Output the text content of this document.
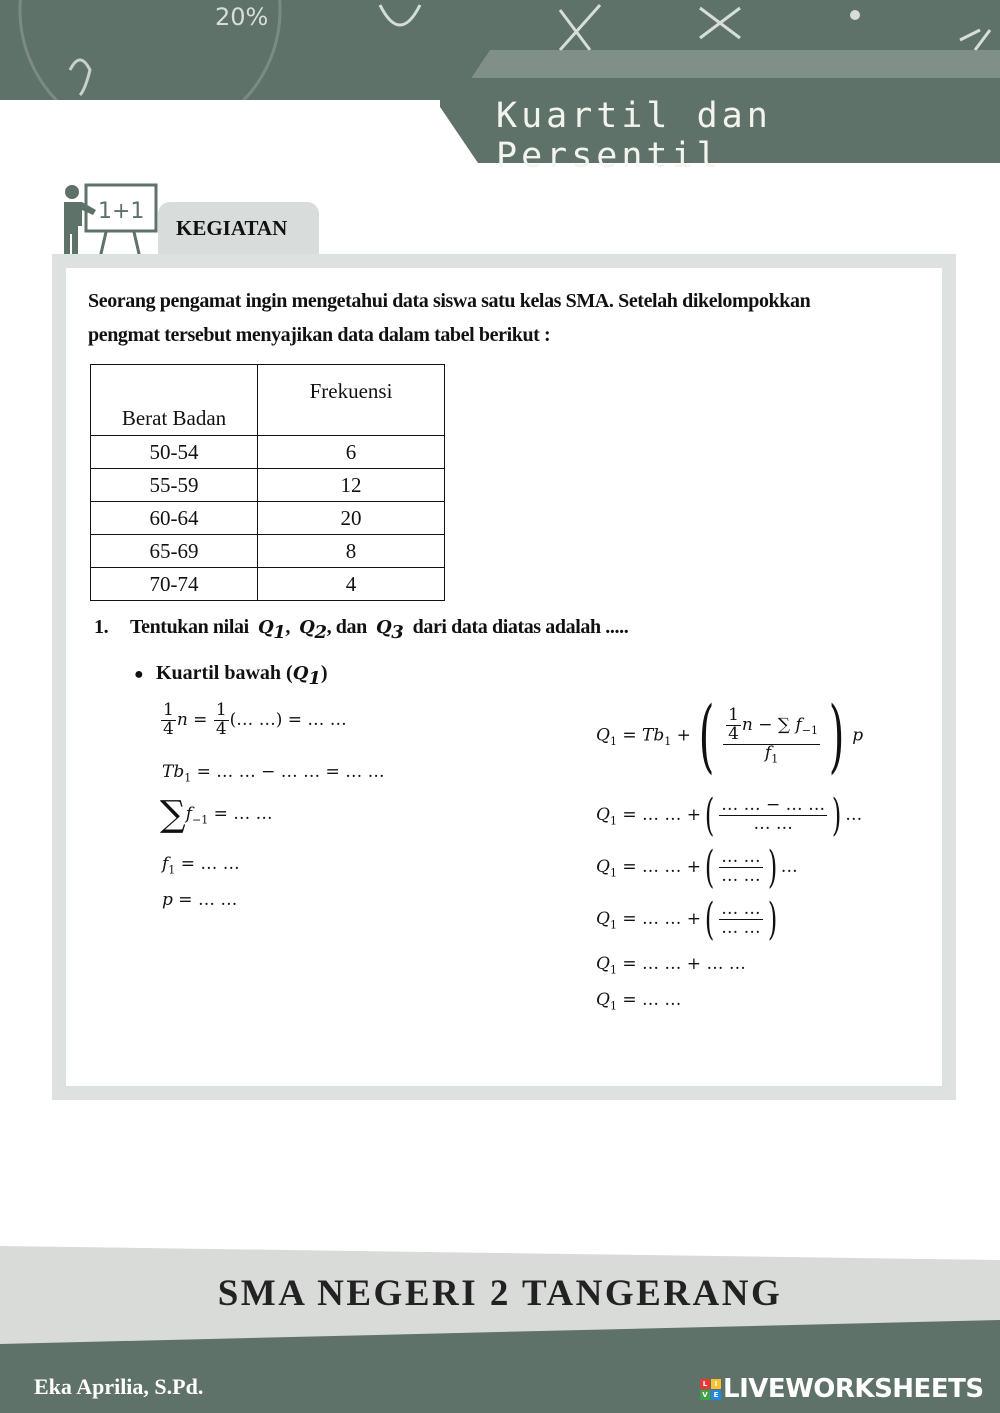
20%
Kuartil dan Persentil
KEGIATAN
1+1
Seorang pengamat ingin mengetahui data siswa satu kelas SMA. Setelah dikelompokkan
pengmat tersebut menyajikan data dalam tabel berikut :
Berat Badan	Frekuensi
50-54	6
55-59	12
60-64	20
65-69	8
70-74	4
1. Tentukan nilai $Q_1$, $Q_2$, dan $Q_3$ dari data diatas adalah .....
● Kuartil bawah $(Q_1)$
$\frac{1}{4}$ $n = \frac{1}{4}$ (… …) = … …
$Tb_1$ = … … − … … = … …
$\sum f_{-1}$ = … …
$f_1$ = … …
p = … …
$Q_1 = Tb_1$ +( $\frac{\frac{1}{4} n - \sum f_{-1}}{f_1}$ ) p
$Q_1$ = … … +( $\frac{\dots \dots - \dots \dots}{\dots \dots}$ ) …
$Q_1$ = … … +( $\frac{\dots \dots}{\dots \dots}$ ) …
$Q_1$ = … … +( $\frac{\dots \dots}{\dots \dots}$ )
$Q_1$ = … … + … …
$Q_1$ = … …
SMA NEGERI 2 TANGERANG
Eka Aprilia, S.Pd.	L	I
V E LIVEWORKSHEETS
